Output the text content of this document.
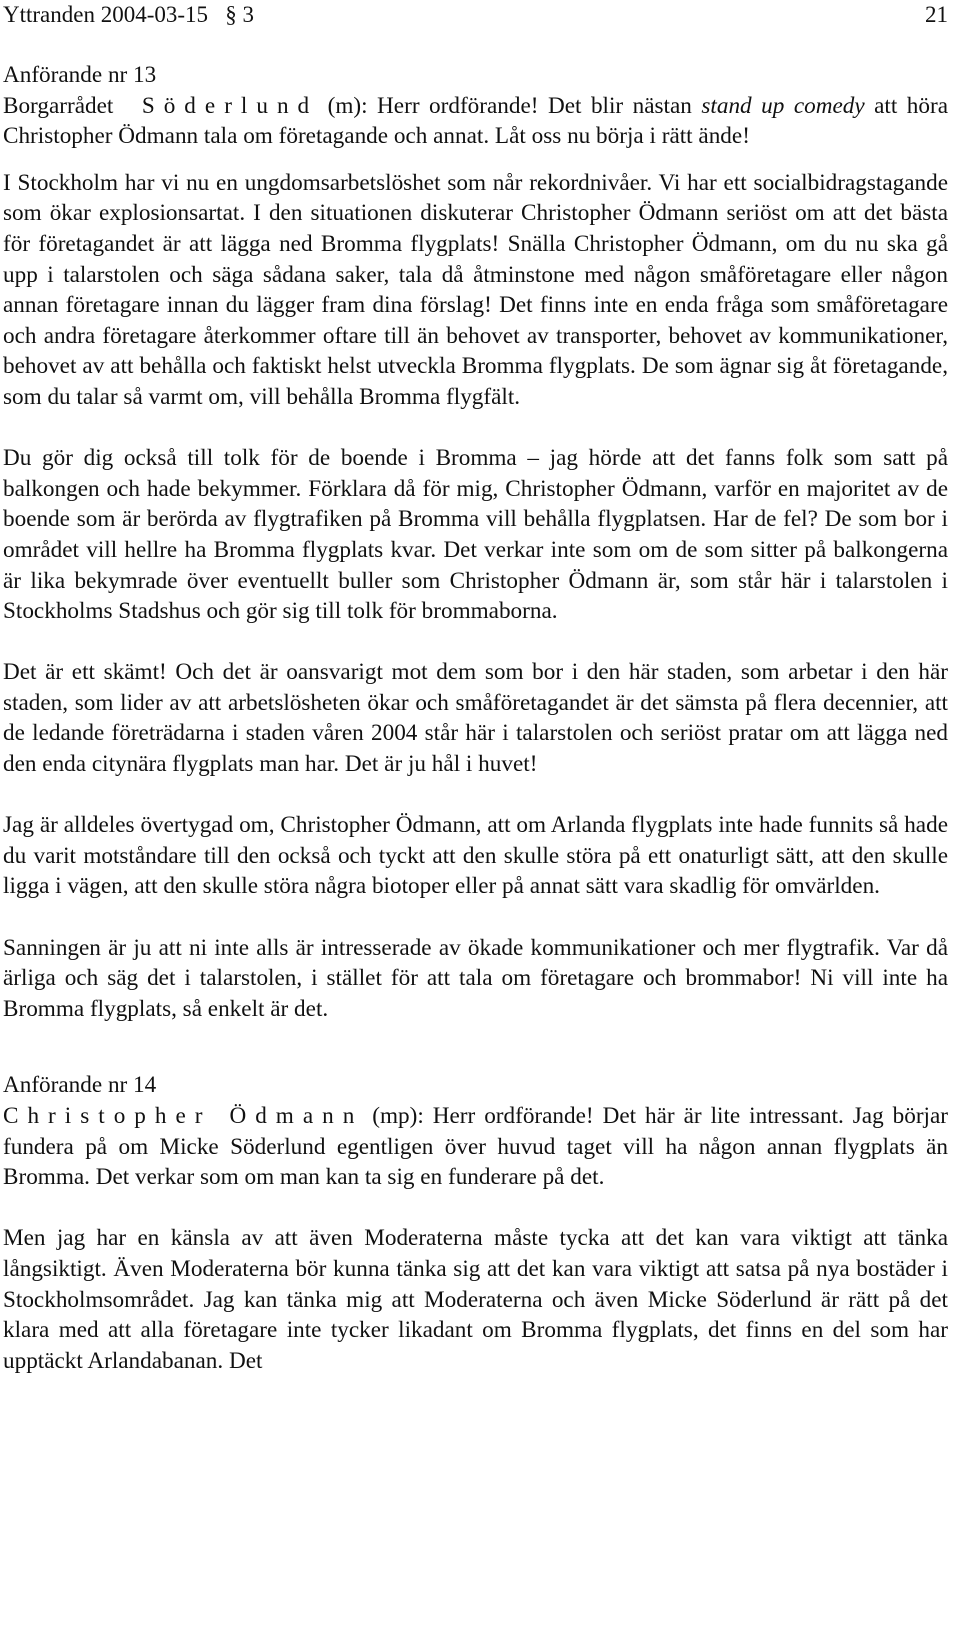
Yttranden 2004-03-15   § 3	21
Anförande nr 13

Borgarrådet Söderlund (m): Herr ordförande! Det blir nästan stand up comedy att höra Christopher Ödmann tala om företagande och annat. Låt oss nu börja i rätt ände!

I Stockholm har vi nu en ungdomsarbetslöshet som når rekordnivåer. Vi har ett socialbidragstagande som ökar explosionsartat. I den situationen diskuterar Christopher Ödmann seriöst om att det bästa för företagandet är att lägga ned Bromma flygplats! Snälla Christopher Ödmann, om du nu ska gå upp i talarstolen och säga sådana saker, tala då åtminstone med någon småföretagare eller någon annan företagare innan du lägger fram dina förslag! Det finns inte en enda fråga som småföretagare och andra företagare återkommer oftare till än behovet av transporter, behovet av kommunikationer, behovet av att behålla och faktiskt helst utveckla Bromma flygplats. De som ägnar sig åt företagande, som du talar så varmt om, vill behålla Bromma flygfält.

Du gör dig också till tolk för de boende i Bromma – jag hörde att det fanns folk som satt på balkongen och hade bekymmer. Förklara då för mig, Christopher Ödmann, varför en majoritet av de boende som är berörda av flygtrafiken på Bromma vill behålla flygplatsen. Har de fel? De som bor i området vill hellre ha Bromma flygplats kvar. Det verkar inte som om de som sitter på balkongerna är lika bekymrade över eventuellt buller som Christopher Ödmann är, som står här i talarstolen i Stockholms Stadshus och gör sig till tolk för brommaborna.

Det är ett skämt! Och det är oansvarigt mot dem som bor i den här staden, som arbetar i den här staden, som lider av att arbetslösheten ökar och småföretagandet är det sämsta på flera decennier, att de ledande företrädarna i staden våren 2004 står här i talarstolen och seriöst pratar om att lägga ned den enda citynära flygplats man har. Det är ju hål i huvet!

Jag är alldeles övertygad om, Christopher Ödmann, att om Arlanda flygplats inte hade funnits så hade du varit motståndare till den också och tyckt att den skulle störa på ett onaturligt sätt, att den skulle ligga i vägen, att den skulle störa några biotoper eller på annat sätt vara skadlig för omvärlden.

Sanningen är ju att ni inte alls är intresserade av ökade kommunikationer och mer flygtrafik. Var då ärliga och säg det i talarstolen, i stället för att tala om företagare och brommabor! Ni vill inte ha Bromma flygplats, så enkelt är det.

Anförande nr 14

Christopher Ödmann (mp): Herr ordförande! Det här är lite intressant. Jag börjar fundera på om Micke Söderlund egentligen över huvud taget vill ha någon annan flygplats än Bromma. Det verkar som om man kan ta sig en funderare på det.

Men jag har en känsla av att även Moderaterna måste tycka att det kan vara viktigt att tänka långsiktigt. Även Moderaterna bör kunna tänka sig att det kan vara viktigt att satsa på nya bostäder i Stockholmsområdet. Jag kan tänka mig att Moderaterna och även Micke Söderlund är rätt på det klara med att alla företagare inte tycker likadant om Bromma flygplats, det finns en del som har upptäckt Arlandabanan. Det
